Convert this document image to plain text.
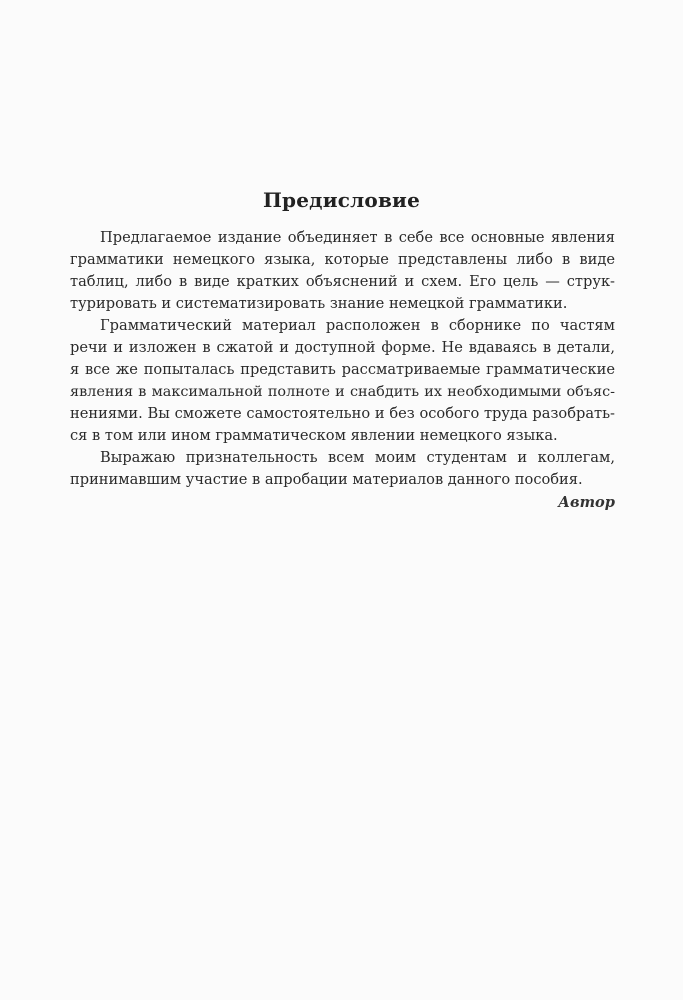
Предисловие
Предлагаемое издание объединяет в себе все основные явления
грамматики немецкого языка, которые представлены либо в виде
таблиц, либо в виде кратких объяснений и схем. Его цель — струк-
турировать и систематизировать знание немецкой грамматики.
Грамматический материал расположен в сборнике по частям
речи и изложен в сжатой и доступной форме. Не вдаваясь в детали,
я все же попыталась представить рассматриваемые грамматические
явления в максимальной полноте и снабдить их необходимыми объяс-
нениями. Вы сможете самостоятельно и без особого труда разобрать-
ся в том или ином грамматическом явлении немецкого языка.
Выражаю признательность всем моим студентам и коллегам,
принимавшим участие в апробации материалов данного пособия.
Автор
